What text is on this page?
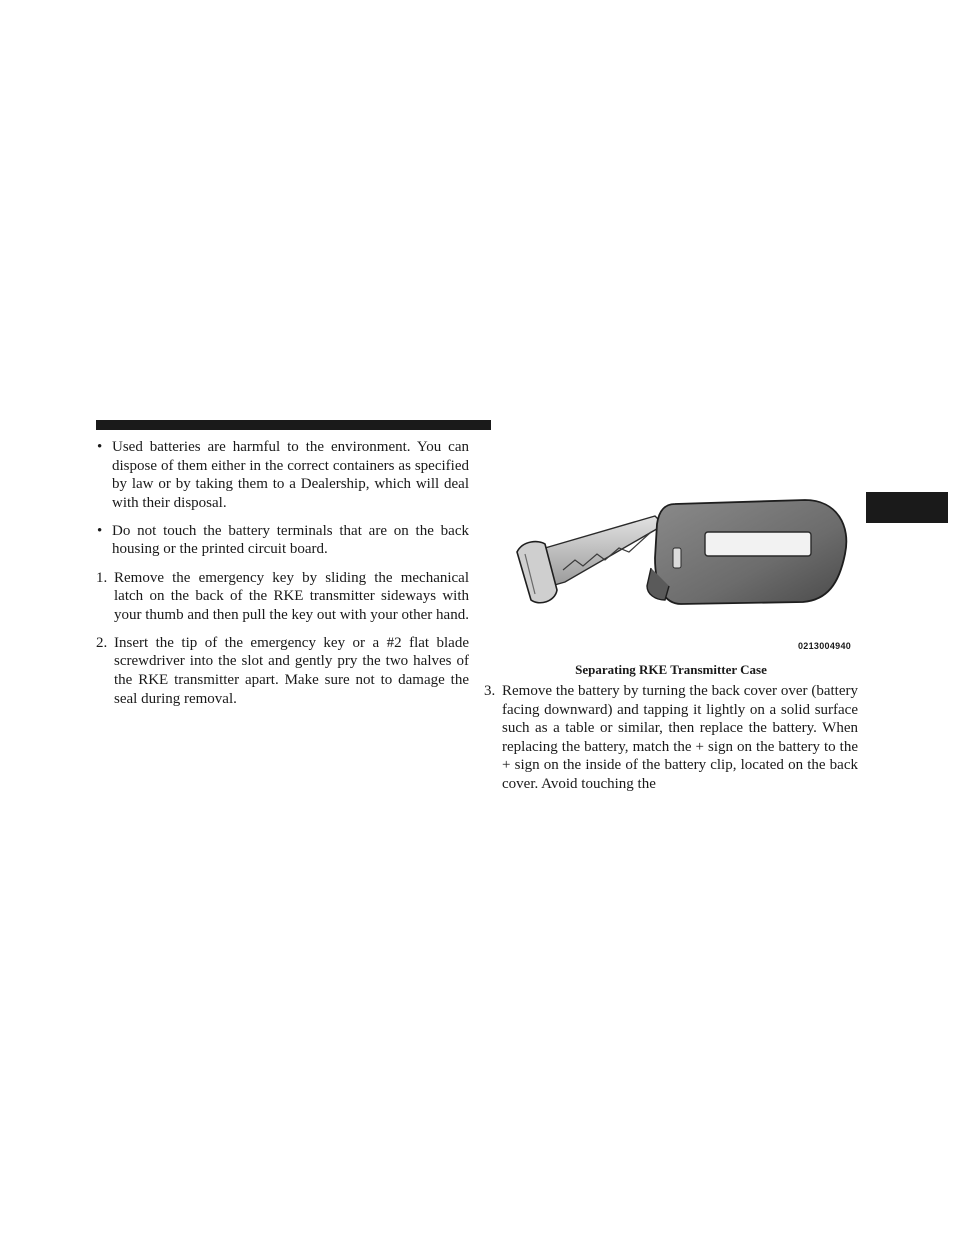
• Used batteries are harmful to the environment. You can dispose of them either in the correct containers as specified by law or by taking them to a Dealership, which will deal with their disposal.
• Do not touch the battery terminals that are on the back housing or the printed circuit board.
1. Remove the emergency key by sliding the mechanical latch on the back of the RKE transmitter sideways with your thumb and then pull the key out with your other hand.
2. Insert the tip of the emergency key or a #2 flat blade screwdriver into the slot and gently pry the two halves of the RKE transmitter apart. Make sure not to damage the seal during removal.
0213004940
Separating RKE Transmitter Case
3. Remove the battery by turning the back cover over (battery facing downward) and tapping it lightly on a solid surface such as a table or similar, then replace the battery. When replacing the battery, match the + sign on the battery to the + sign on the inside of the battery clip, located on the back cover. Avoid touching the
